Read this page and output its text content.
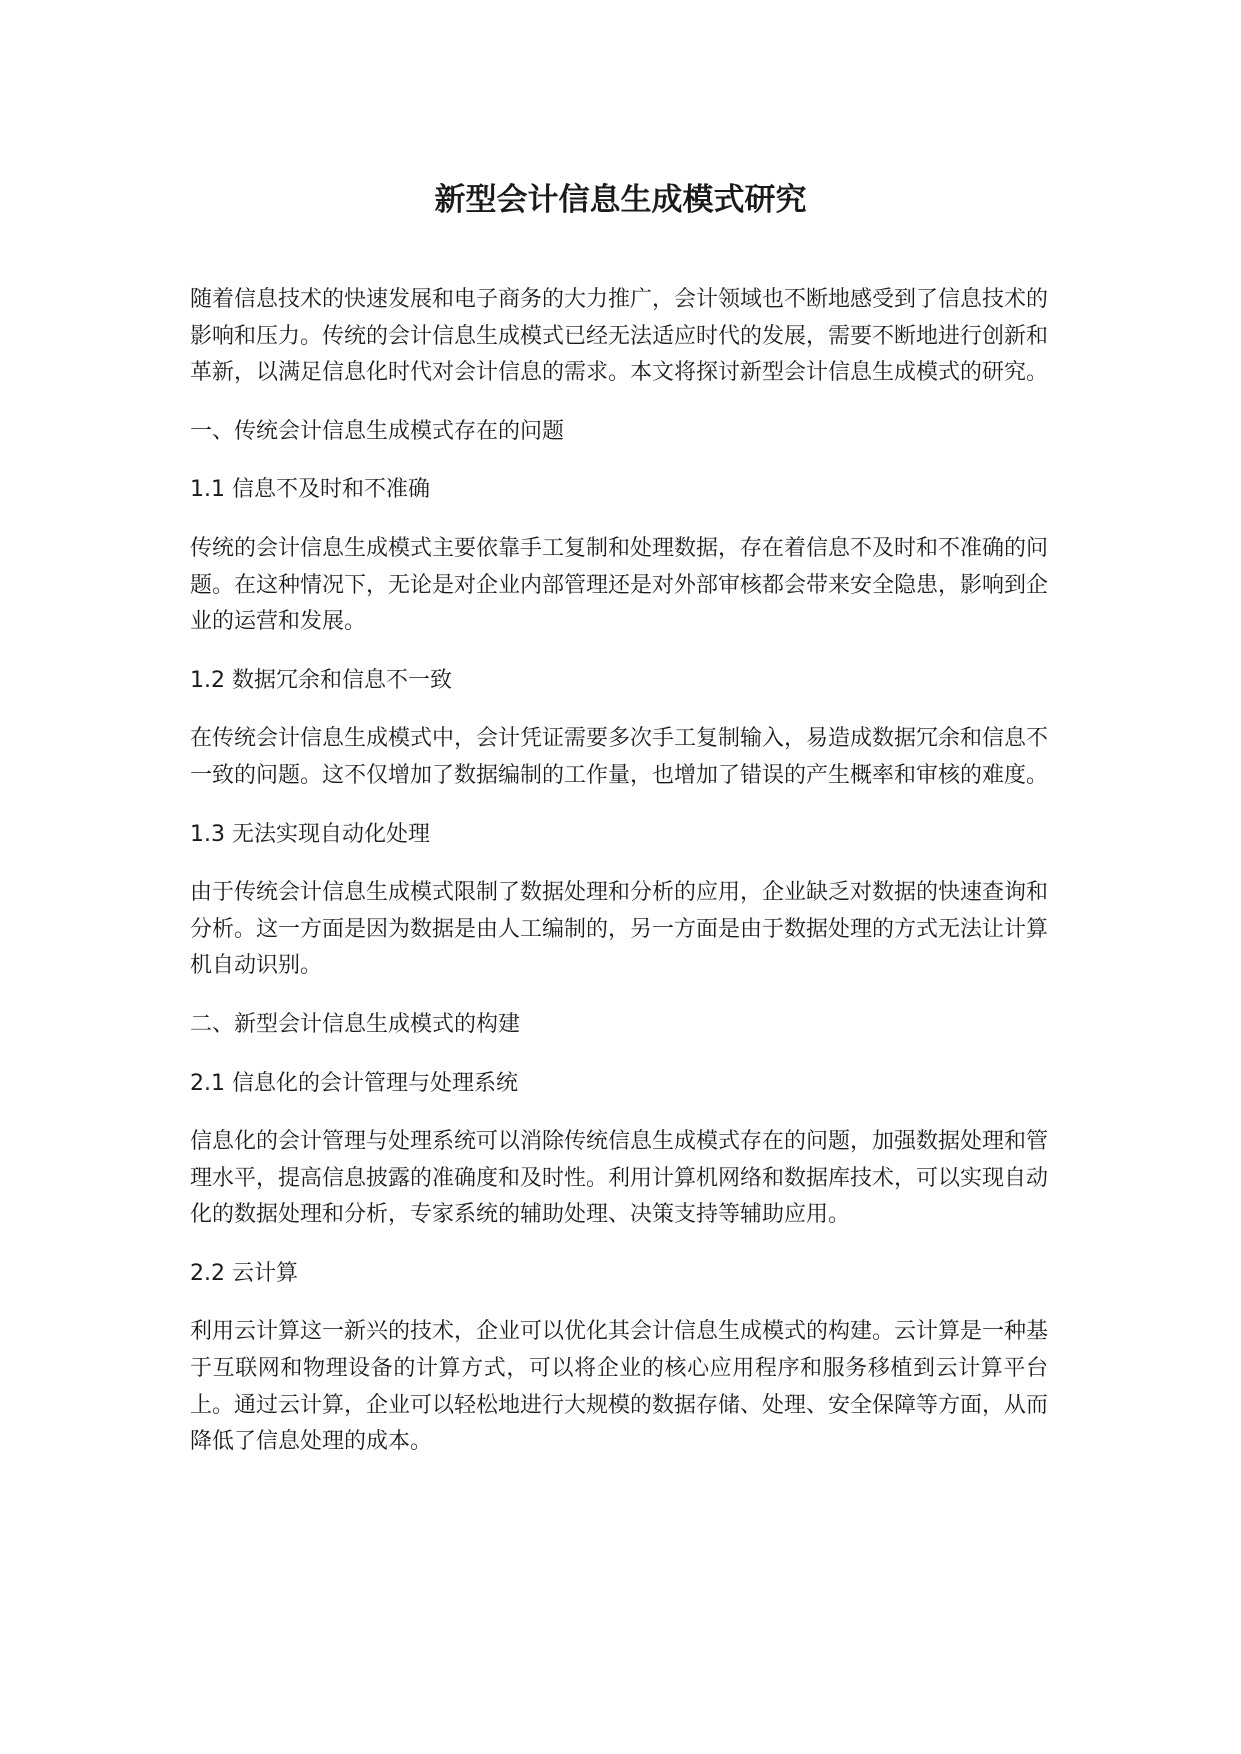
新型会计信息生成模式研究

随着信息技术的快速发展和电子商务的大力推广，会计领域也不断地感受到了信息技术的影响和压力。传统的会计信息生成模式已经无法适应时代的发展，需要不断地进行创新和革新，以满足信息化时代对会计信息的需求。本文将探讨新型会计信息生成模式的研究。

一、传统会计信息生成模式存在的问题

1.1 信息不及时和不准确

传统的会计信息生成模式主要依靠手工复制和处理数据，存在着信息不及时和不准确的问题。在这种情况下，无论是对企业内部管理还是对外部审核都会带来安全隐患，影响到企业的运营和发展。

1.2 数据冗余和信息不一致

在传统会计信息生成模式中，会计凭证需要多次手工复制输入，易造成数据冗余和信息不一致的问题。这不仅增加了数据编制的工作量，也增加了错误的产生概率和审核的难度。

1.3 无法实现自动化处理

由于传统会计信息生成模式限制了数据处理和分析的应用，企业缺乏对数据的快速查询和分析。这一方面是因为数据是由人工编制的，另一方面是由于数据处理的方式无法让计算机自动识别。

二、新型会计信息生成模式的构建

2.1 信息化的会计管理与处理系统

信息化的会计管理与处理系统可以消除传统信息生成模式存在的问题，加强数据处理和管理水平，提高信息披露的准确度和及时性。利用计算机网络和数据库技术，可以实现自动化的数据处理和分析，专家系统的辅助处理、决策支持等辅助应用。

2.2 云计算

利用云计算这一新兴的技术，企业可以优化其会计信息生成模式的构建。云计算是一种基于互联网和物理设备的计算方式，可以将企业的核心应用程序和服务移植到云计算平台上。通过云计算，企业可以轻松地进行大规模的数据存储、处理、安全保障等方面，从而降低了信息处理的成本。
